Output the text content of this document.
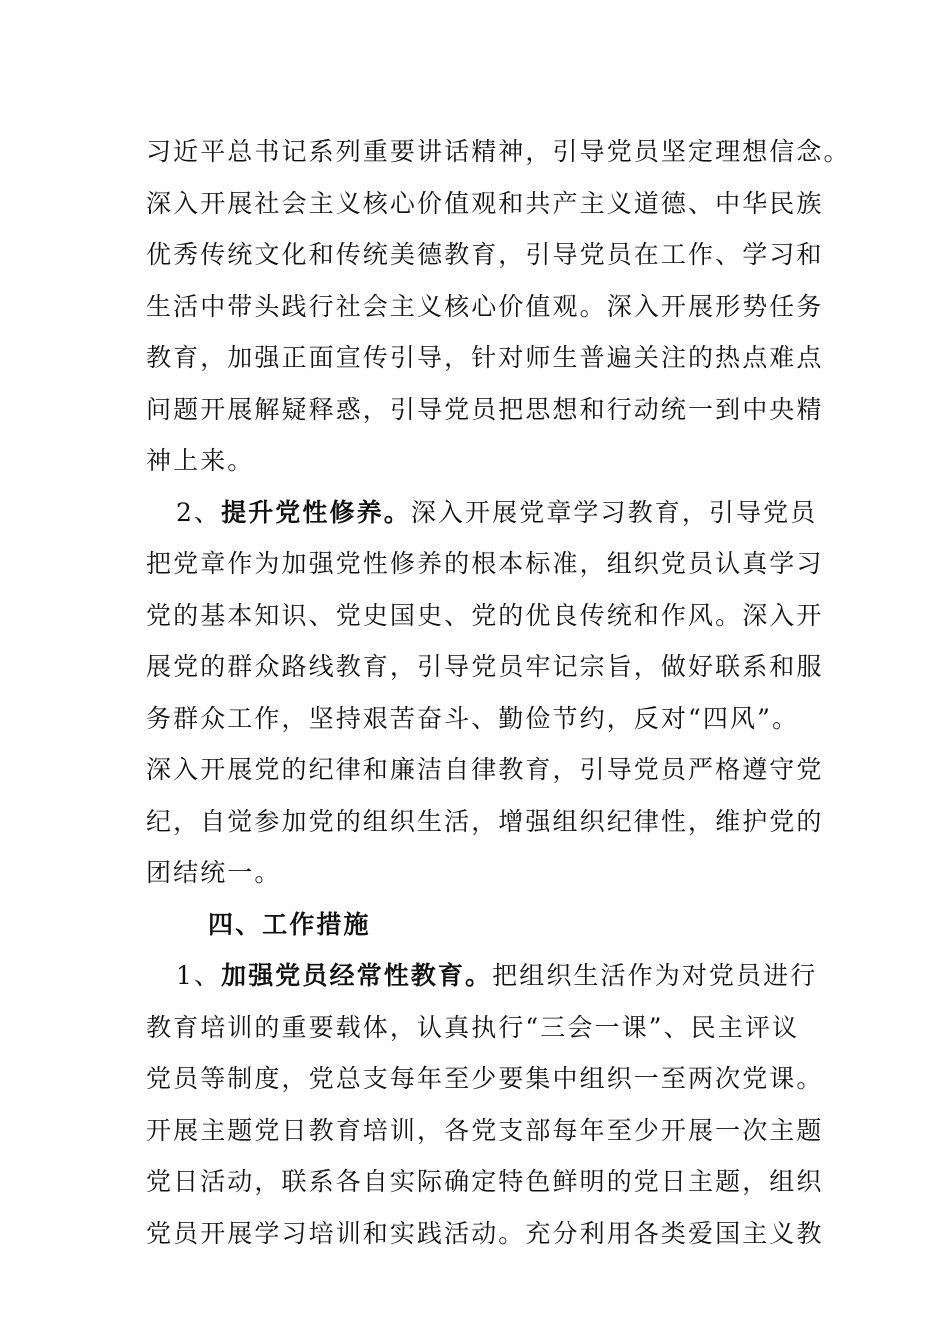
习近平总书记系列重要讲话精神，引导党员坚定理想信念。
深入开展社会主义核心价值观和共产主义道德、中华民族
优秀传统文化和传统美德教育，引导党员在工作、学习和
生活中带头践行社会主义核心价值观。深入开展形势任务
教育，加强正面宣传引导，针对师生普遍关注的热点难点
问题开展解疑释惑，引导党员把思想和行动统一到中央精
神上来。
2、提升党性修养。深入开展党章学习教育，引导党员
把党章作为加强党性修养的根本标准，组织党员认真学习
党的基本知识、党史国史、党的优良传统和作风。深入开
展党的群众路线教育，引导党员牢记宗旨，做好联系和服
务群众工作，坚持艰苦奋斗、勤俭节约，反对“四风”。
深入开展党的纪律和廉洁自律教育，引导党员严格遵守党
纪，自觉参加党的组织生活，增强组织纪律性，维护党的
团结统一。
四、工作措施
1、加强党员经常性教育。把组织生活作为对党员进行
教育培训的重要载体，认真执行“三会一课”、民主评议
党员等制度，党总支每年至少要集中组织一至两次党课。
开展主题党日教育培训，各党支部每年至少开展一次主题
党日活动，联系各自实际确定特色鲜明的党日主题，组织
党员开展学习培训和实践活动。充分利用各类爱国主义教
